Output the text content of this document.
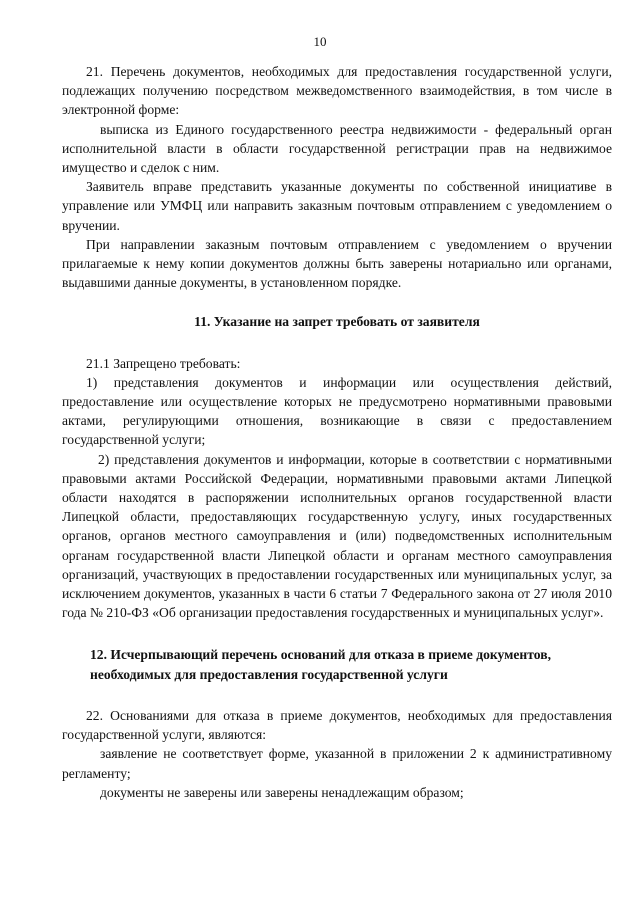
10

21. Перечень документов, необходимых для предоставления государственной услуги, подлежащих получению посредством межведомственного взаимодействия, в том числе в электронной форме:

выписка из Единого государственного реестра недвижимости - федеральный орган исполнительной власти в области государственной регистрации прав на недвижимое имущество и сделок с ним.

Заявитель вправе представить указанные документы по собственной инициативе в управление или УМФЦ или направить заказным почтовым отправлением с уведомлением о вручении.

При направлении заказным почтовым отправлением с уведомлением о вручении прилагаемые к нему копии документов должны быть заверены нотариально или органами, выдавшими данные документы, в установленном порядке.

11. Указание на запрет требовать от заявителя

21.1 Запрещено требовать:

1) представления документов и информации или осуществления действий, предоставление или осуществление которых не предусмотрено нормативными правовыми актами, регулирующими отношения, возникающие в связи с предоставлением государственной услуги;

2) представления документов и информации, которые в соответствии с нормативными правовыми актами Российской Федерации, нормативными правовыми актами Липецкой области находятся в распоряжении исполнительных органов государственной власти Липецкой области, предоставляющих государственную услугу, иных государственных органов, органов местного самоуправления и (или) подведомственных исполнительным органам государственной власти Липецкой области и органам местного самоуправления организаций, участвующих в предоставлении государственных или муниципальных услуг, за исключением документов, указанных в части 6 статьи 7 Федерального закона от 27 июля 2010 года № 210-ФЗ «Об организации предоставления государственных и муниципальных услуг».

12. Исчерпывающий перечень оснований для отказа в приеме документов, необходимых для предоставления государственной услуги

22. Основаниями для отказа в приеме документов, необходимых для предоставления государственной услуги, являются:

заявление не соответствует форме, указанной в приложении 2 к административному регламенту;

документы не заверены или заверены ненадлежащим образом;
